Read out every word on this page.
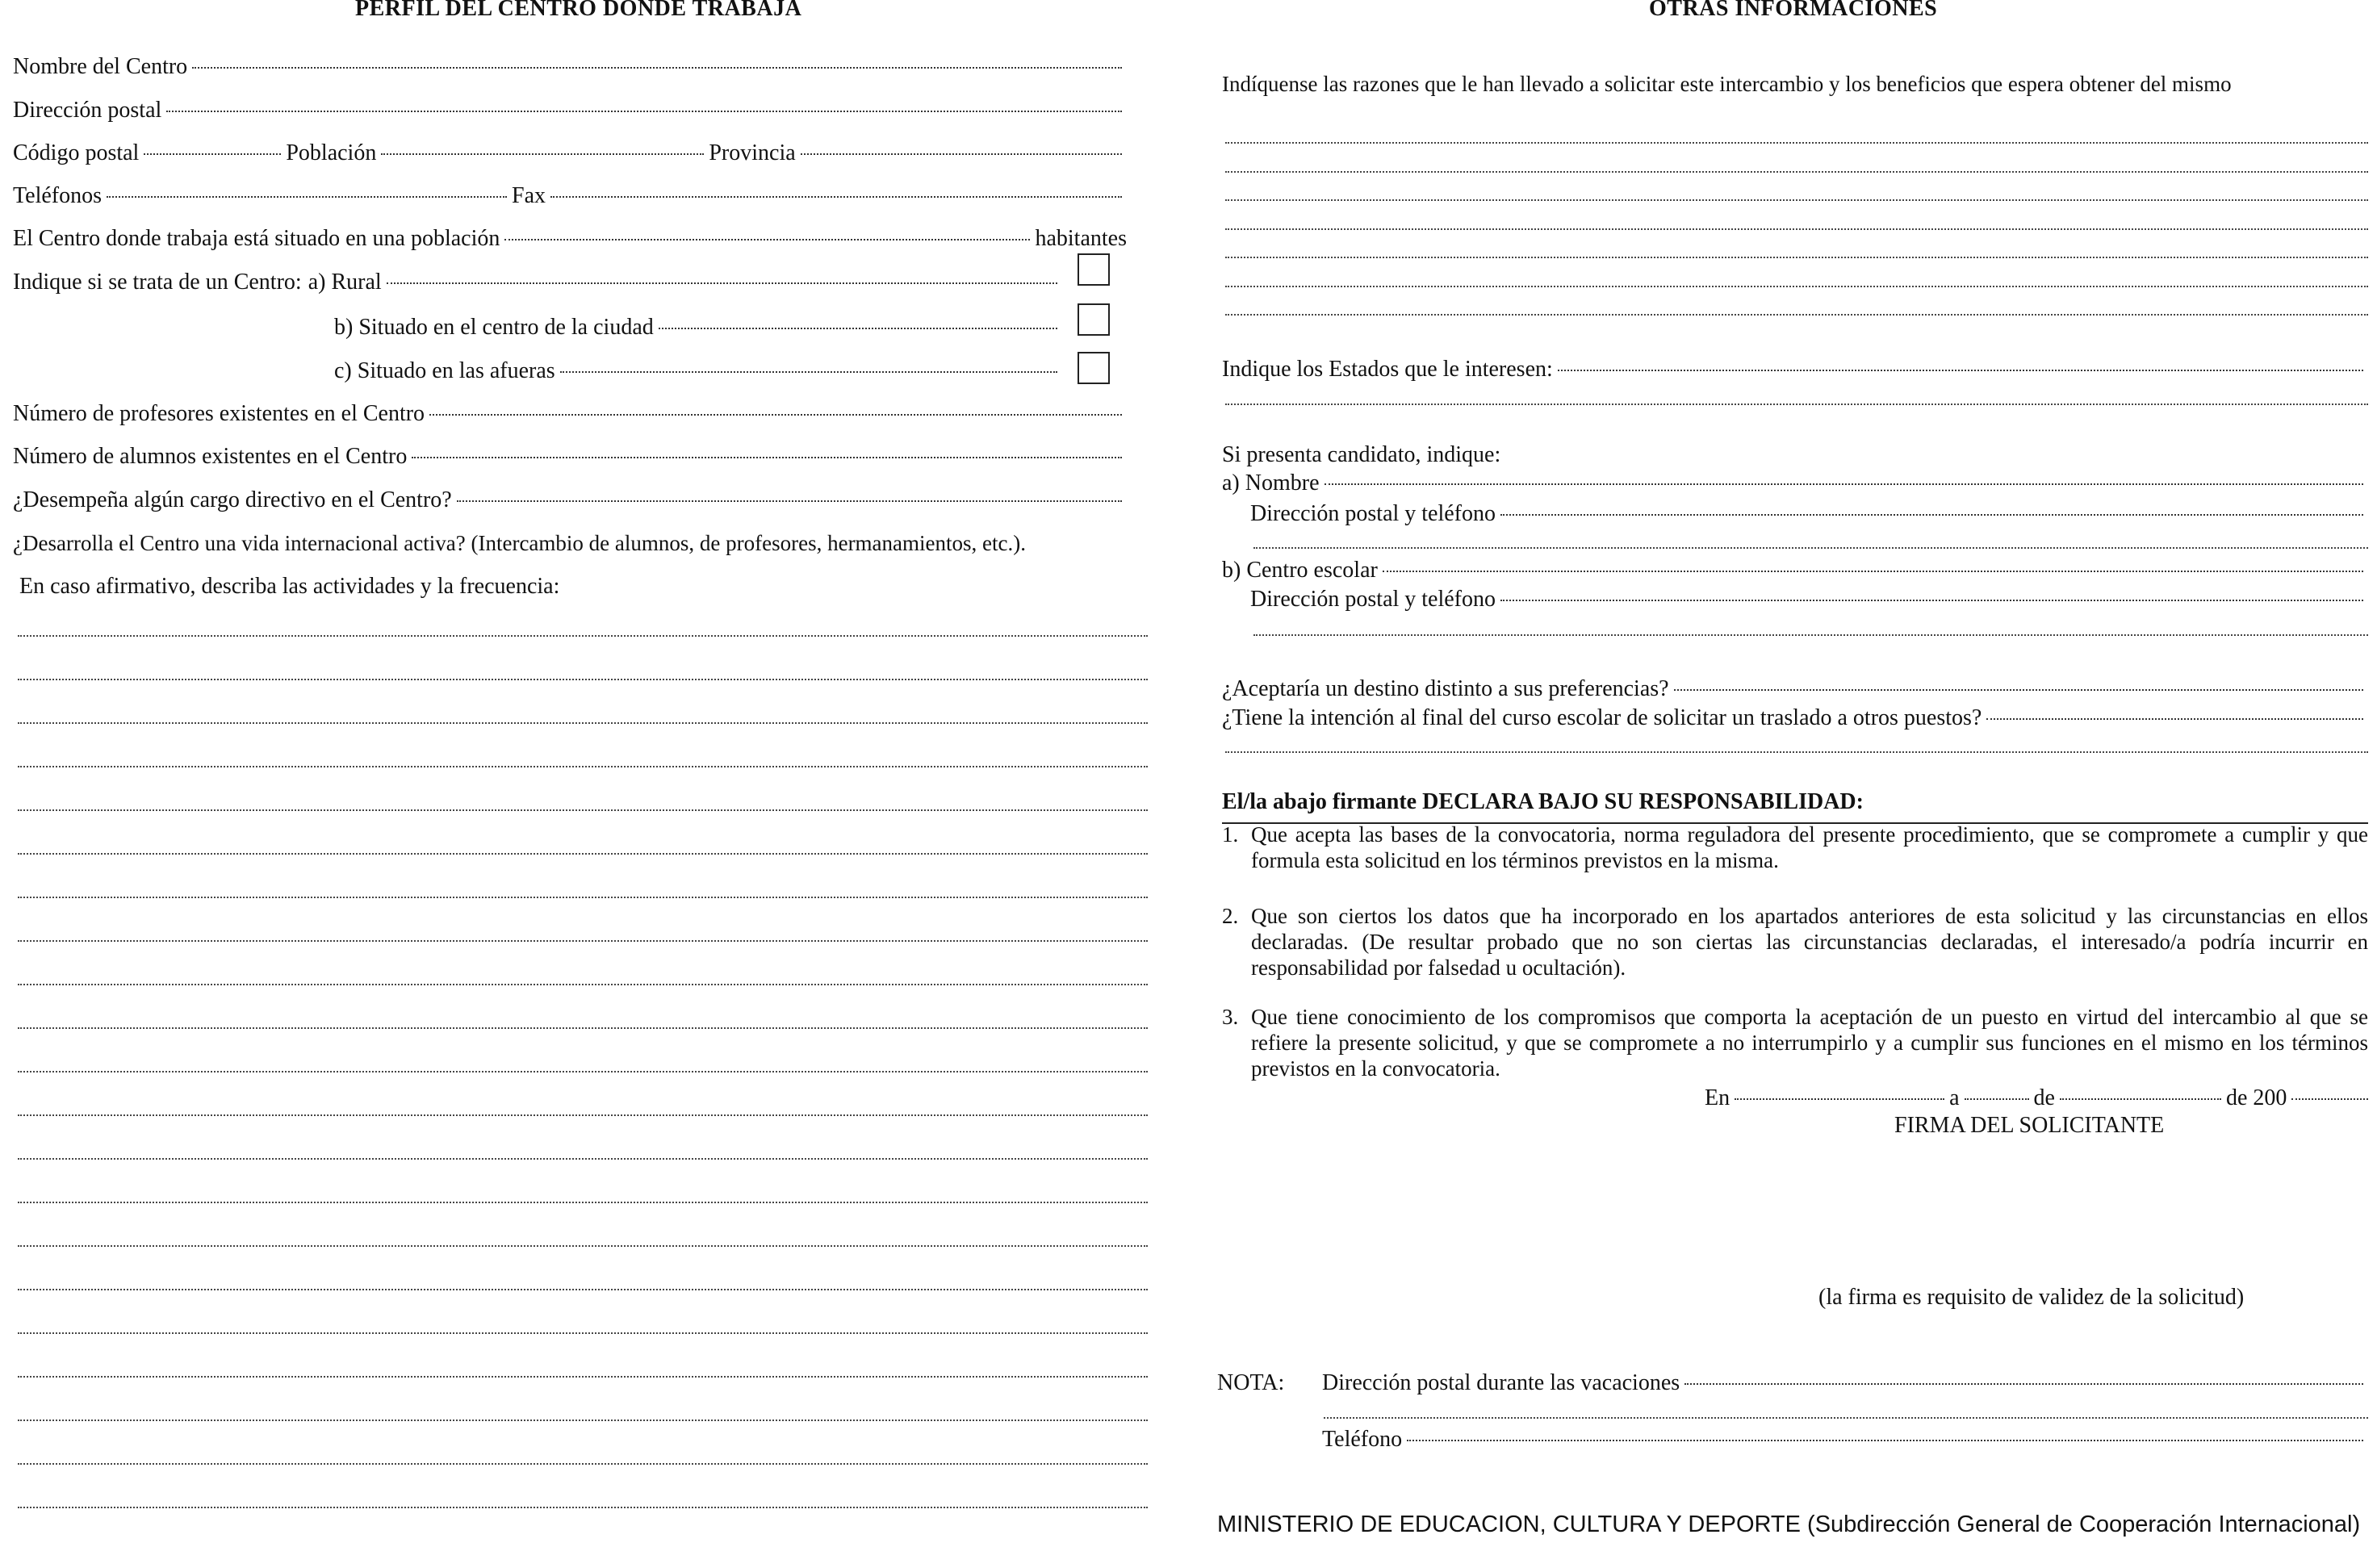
PERFIL DEL CENTRO DONDE TRABAJA
Nombre del Centro
Dirección postal
Código postal	Población	Provincia
Teléfonos	Fax
El Centro donde trabaja está situado en una población	habitantes
Indique si se trata de un Centro: a) Rural
b) Situado en el centro de la ciudad
c) Situado en las afueras
Número de profesores existentes en el Centro
Número de alumnos existentes en el Centro
¿Desempeña algún cargo directivo en el Centro?
¿Desarrolla el Centro una vida internacional activa? (Intercambio de alumnos, de profesores, hermanamientos, etc.).
En caso afirmativo, describa las actividades y la frecuencia:
OTRAS INFORMACIONES
Indíquense las razones que le han llevado a solicitar este intercambio y los beneficios que espera obtener del mismo
Indique los Estados que le interesen:
Si presenta candidato, indique:
a) Nombre
Dirección postal y teléfono
b) Centro escolar
Dirección postal y teléfono
¿Aceptaría un destino distinto a sus preferencias?
¿Tiene la intención al final del curso escolar de solicitar un traslado a otros puestos?
El/la abajo firmante DECLARA BAJO SU RESPONSABILIDAD:
1. Que acepta las bases de la convocatoria, norma reguladora del presente procedimiento, que se compromete a cumplir y que formula esta solicitud en los términos previstos en la misma.
2. Que son ciertos los datos que ha incorporado en los apartados anteriores de esta solicitud y las circunstancias en ellos declaradas. (De resultar probado que no son ciertas las circunstancias declaradas, el interesado/a podría incurrir en responsabilidad por falsedad u ocultación).
3. Que tiene conocimiento de los compromisos que comporta la aceptación de un puesto en virtud del intercambio al que se refiere la presente solicitud, y que se compromete a no interrumpirlo y a cumplir sus funciones en el mismo en los términos previstos en la convocatoria.
En	a	de	de 200
FIRMA DEL SOLICITANTE
(la firma es requisito de validez de la solicitud)
NOTA: Dirección postal durante las vacaciones
Teléfono
MINISTERIO DE EDUCACION, CULTURA Y DEPORTE (Subdirección General de Cooperación Internacional)
